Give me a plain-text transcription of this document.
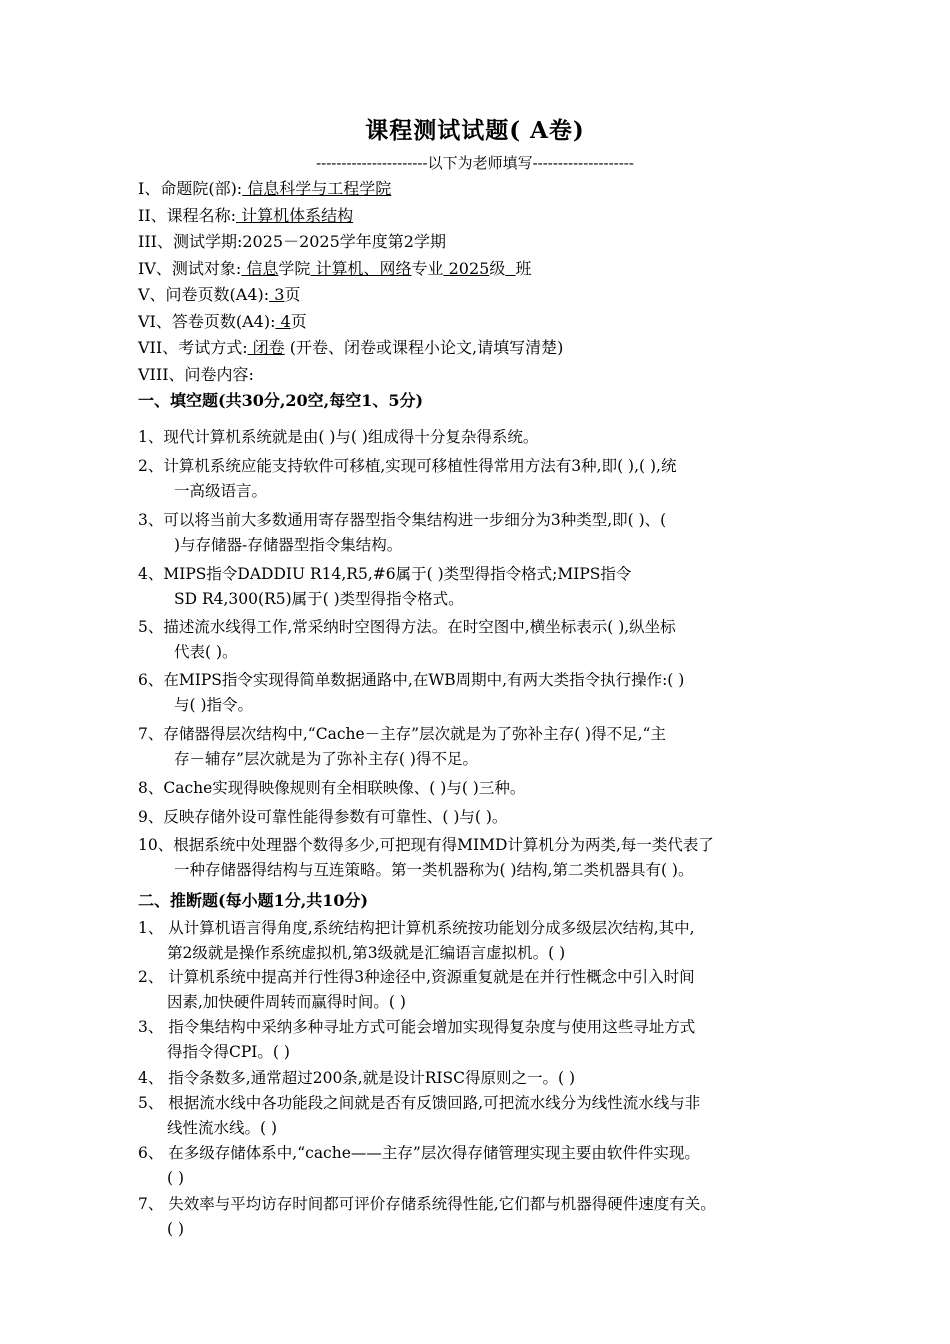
课程测试试题( A卷)
----------------------以下为老师填写--------------------
I、命题院(部): 信息科学与工程学院
II、课程名称: 计算机体系结构
III、测试学期:2025－2025学年度第2学期
IV、测试对象: 信息学院 计算机、网络专业 2025级 班
V、问卷页数(A4): 3页
VI、答卷页数(A4): 4页
VII、考试方式: 闭卷 (开卷、闭卷或课程小论文,请填写清楚)
VIII、问卷内容:
一、填空题(共30分,20空,每空1、5分)
1、现代计算机系统就是由( )与( )组成得十分复杂得系统。
2、计算机系统应能支持软件可移植,实现可移植性得常用方法有3种,即( ),( ),统
一高级语言。
3、可以将当前大多数通用寄存器型指令集结构进一步细分为3种类型,即( )、(
)与存储器-存储器型指令集结构。
4、MIPS指令DADDIU R14,R5,#6属于( )类型得指令格式;MIPS指令
SD R4,300(R5)属于( )类型得指令格式。
5、描述流水线得工作,常采纳时空图得方法。在时空图中,横坐标表示( ),纵坐标
代表( )。
6、在MIPS指令实现得简单数据通路中,在WB周期中,有两大类指令执行操作:( )
与( )指令。
7、存储器得层次结构中,“Cache－主存”层次就是为了弥补主存( )得不足,“主
存－辅存”层次就是为了弥补主存( )得不足。
8、Cache实现得映像规则有全相联映像、( )与( )三种。
9、反映存储外设可靠性能得参数有可靠性、( )与( )。
10、根据系统中处理器个数得多少,可把现有得MIMD计算机分为两类,每一类代表了
一种存储器得结构与互连策略。第一类机器称为( )结构,第二类机器具有( )。
二、推断题(每小题1分,共10分)
1、 从计算机语言得角度,系统结构把计算机系统按功能划分成多级层次结构,其中,
第2级就是操作系统虚拟机,第3级就是汇编语言虚拟机。( )
2、 计算机系统中提高并行性得3种途径中,资源重复就是在并行性概念中引入时间
因素,加快硬件周转而赢得时间。( )
3、 指令集结构中采纳多种寻址方式可能会增加实现得复杂度与使用这些寻址方式
得指令得CPI。( )
4、 指令条数多,通常超过200条,就是设计RISC得原则之一。( )
5、 根据流水线中各功能段之间就是否有反馈回路,可把流水线分为线性流水线与非
线性流水线。( )
6、 在多级存储体系中,“cache——主存”层次得存储管理实现主要由软件件实现。
( )
7、 失效率与平均访存时间都可评价存储系统得性能,它们都与机器得硬件速度有关。
( )
